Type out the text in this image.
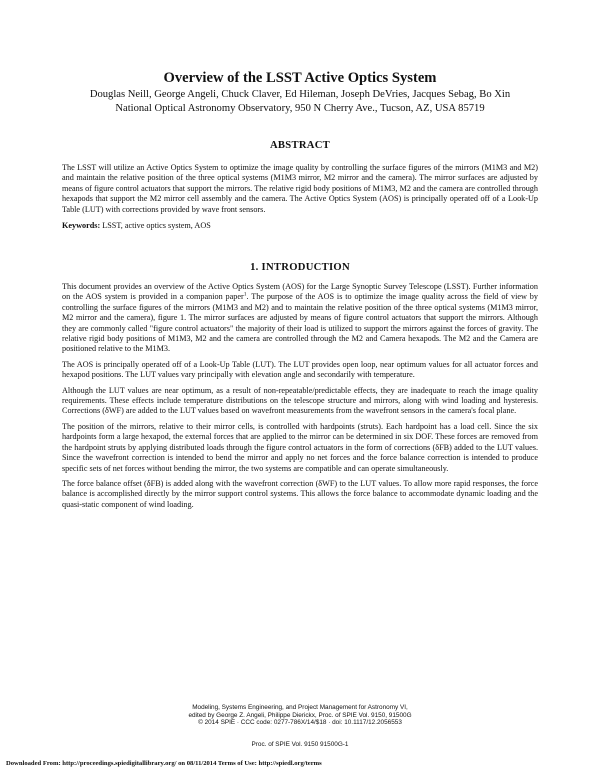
Overview of the LSST Active Optics System

Douglas Neill, George Angeli, Chuck Claver, Ed Hileman, Joseph DeVries, Jacques Sebag, Bo Xin

National Optical Astronomy Observatory, 950 N Cherry Ave., Tucson, AZ, USA 85719

ABSTRACT

The LSST will utilize an Active Optics System to optimize the image quality by controlling the surface figures of the mirrors (M1M3 and M2) and maintain the relative position of the three optical systems (M1M3 mirror, M2 mirror and the camera). The mirror surfaces are adjusted by means of figure control actuators that support the mirrors. The relative rigid body positions of M1M3, M2 and the camera are controlled through hexapods that support the M2 mirror cell assembly and the camera. The Active Optics System (AOS) is principally operated off of a Look-Up Table (LUT) with corrections provided by wave front sensors.

Keywords: LSST, active optics system, AOS

1. INTRODUCTION

This document provides an overview of the Active Optics System (AOS) for the Large Synoptic Survey Telescope (LSST). Further information on the AOS system is provided in a companion paper$^1$. The purpose of the AOS is to optimize the image quality across the field of view by controlling the surface figures of the mirrors (M1M3 and M2) and to maintain the relative position of the three optical systems (M1M3 mirror, M2 mirror and the camera), figure 1. The mirror surfaces are adjusted by means of figure control actuators that support the mirrors. Although they are commonly called "figure control actuators" the majority of their load is utilized to support the mirrors against the forces of gravity. The relative rigid body positions of M1M3, M2 and the camera are controlled through the M2 and Camera hexapods. The M2 and the Camera are positioned relative to the M1M3.

The AOS is principally operated off of a Look-Up Table (LUT). The LUT provides open loop, near optimum values for all actuator forces and hexapod positions. The LUT values vary principally with elevation angle and secondarily with temperature.

Although the LUT values are near optimum, as a result of non-repeatable/predictable effects, they are inadequate to reach the image quality requirements. These effects include temperature distributions on the telescope structure and mirrors, along with wind loading and hysteresis. Corrections (δWF) are added to the LUT values based on wavefront measurements from the wavefront sensors in the camera's focal plane.

The position of the mirrors, relative to their mirror cells, is controlled with hardpoints (struts). Each hardpoint has a load cell. Since the six hardpoints form a large hexapod, the external forces that are applied to the mirror can be determined in six DOF. These forces are removed from the hardpoint struts by applying distributed loads through the figure control actuators in the form of corrections (δFB) added to the LUT values. Since the wavefront correction is intended to bend the mirror and apply no net forces and the force balance correction is intended to produce specific sets of net forces without bending the mirror, the two systems are compatible and can operate simultaneously.

The force balance offset (δFB) is added along with the wavefront correction (δWF) to the LUT values. To allow more rapid responses, the force balance is accomplished directly by the mirror support control systems. This allows the force balance to accommodate dynamic loading and the quasi-static component of wind loading.

Modeling, Systems Engineering, and Project Management for Astronomy VI,
edited by George Z. Angeli, Philippe Dierickx, Proc. of SPIE Vol. 9150, 91500G
© 2014 SPIE · CCC code: 0277-786X/14/$18 · doi: 10.1117/12.2056553
Proc. of SPIE Vol. 9150 91500G-1
Downloaded From: http://proceedings.spiedigitallibrary.org/ on 08/11/2014 Terms of Use: http://spiedl.org/terms
